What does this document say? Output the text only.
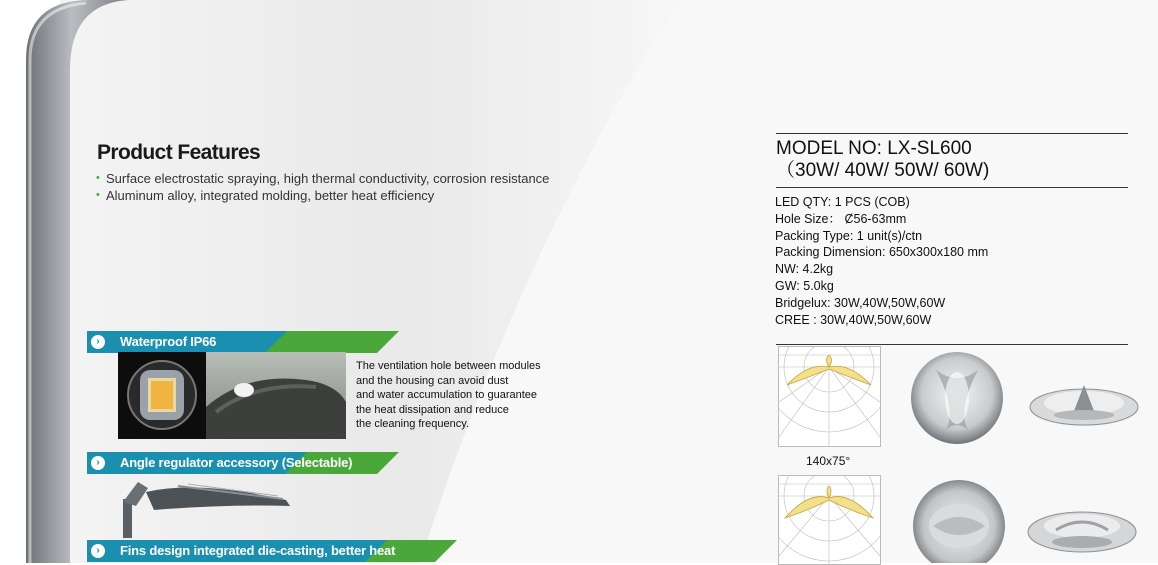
Product Features
• Surface electrostatic spraying, high thermal conductivity, corrosion resistance
• Aluminum alloy, integrated molding, better heat efficiency
›	Waterproof IP66
The ventilation hole between modules
and the housing can avoid dust
and water accumulation to guarantee
the heat dissipation and reduce
the cleaning frequency.
›	Angle regulator accessory (Selectable)
›	Fins design integrated die-casting, better heat
MODEL NO: LX-SL600
（30W/ 40W/ 50W/ 60W)
LED QTY: 1 PCS (COB)
Hole Size： Ȼ56-63mm
Packing Type: 1 unit(s)/ctn
Packing Dimension: 650x300x180 mm
NW: 4.2kg
GW: 5.0kg
Bridgelux: 30W,40W,50W,60W
CREE : 30W,40W,50W,60W
140x75°
